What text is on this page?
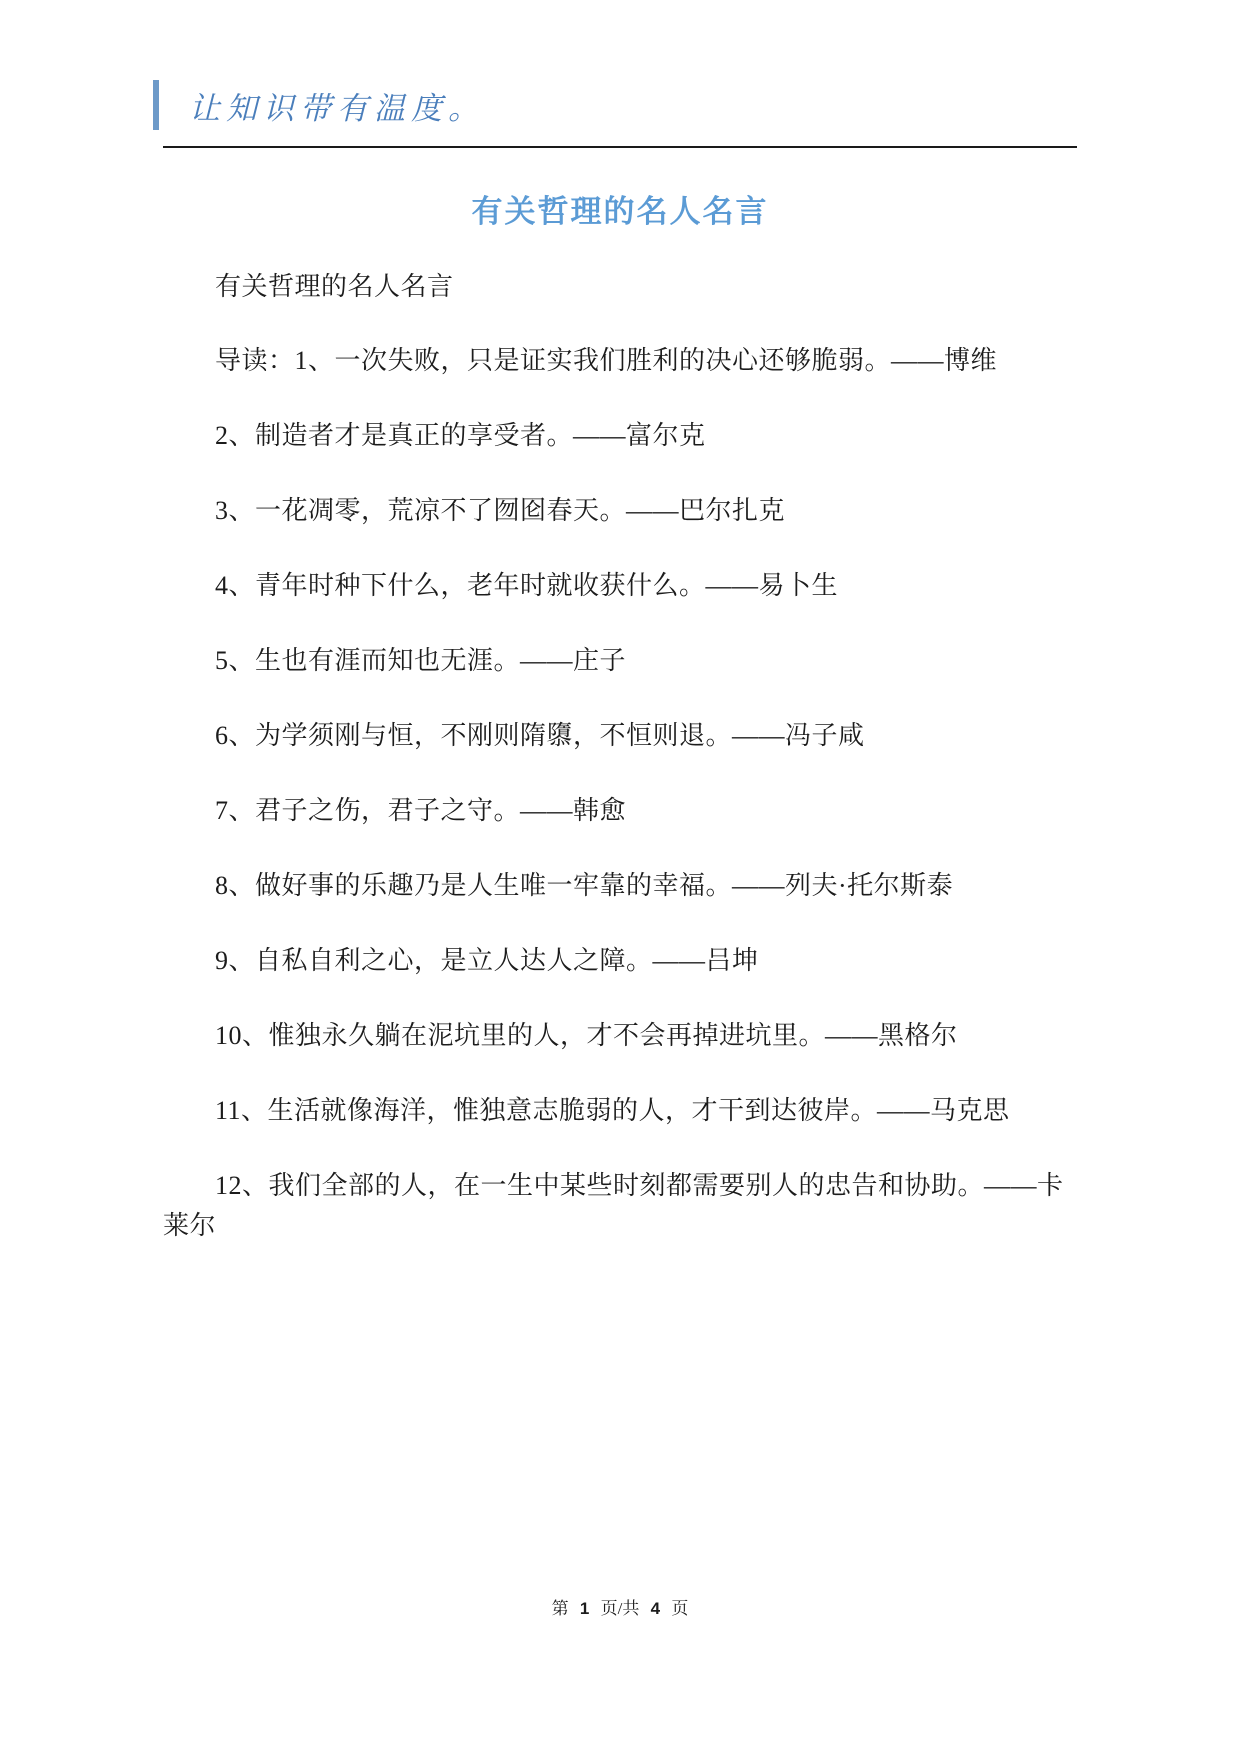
让知识带有温度。
有关哲理的名人名言

有关哲理的名人名言

导读：1、一次失败，只是证实我们胜利的决心还够脆弱。——博维

2、制造者才是真正的享受者。——富尔克

3、一花凋零，荒凉不了囫囵春天。——巴尔扎克

4、青年时种下什么，老年时就收获什么。——易卜生

5、生也有涯而知也无涯。——庄子

6、为学须刚与恒，不刚则隋隳，不恒则退。——冯子咸

7、君子之伤，君子之守。——韩愈

8、做好事的乐趣乃是人生唯一牢靠的幸福。——列夫·托尔斯泰

9、自私自利之心，是立人达人之障。——吕坤

10、惟独永久躺在泥坑里的人，才不会再掉进坑里。——黑格尔

11、生活就像海洋，惟独意志脆弱的人，才干到达彼岸。——马克思

12、我们全部的人，在一生中某些时刻都需要别人的忠告和协助。——卡莱尔

第 1 页/共 4 页
